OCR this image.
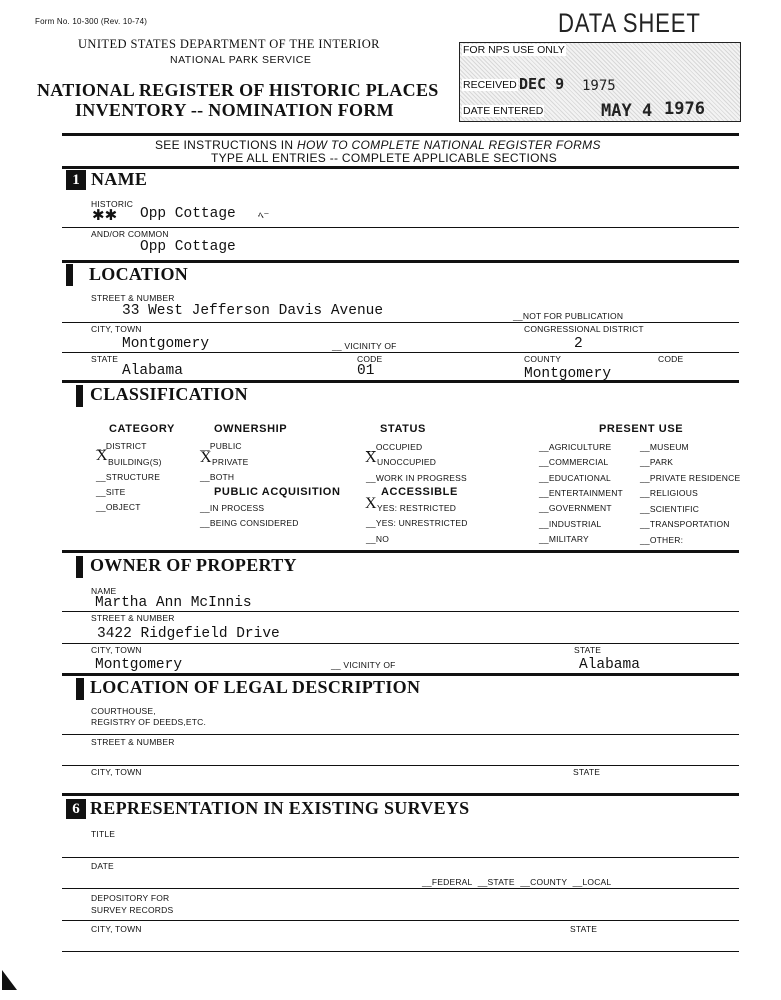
Form No. 10-300 (Rev. 10-74)	DATA SHEET
UNITED STATES DEPARTMENT OF THE INTERIOR
NATIONAL PARK SERVICE
NATIONAL REGISTER OF HISTORIC PLACES
INVENTORY -- NOMINATION FORM
FOR NPS USE ONLY
RECEIVED DEC 9 1975
DATE ENTERED	MAY 4 1976
SEE INSTRUCTIONS IN HOW TO COMPLETE NATIONAL REGISTER FORMS
TYPE ALL ENTRIES -- COMPLETE APPLICABLE SECTIONS
1 NAME
HISTORIC
✱✱ Opp Cottage ﾍ⁻
AND/OR COMMON
Opp Cottage
LOCATION
STREET & NUMBER
33 West Jefferson Davis Avenue	__NOT FOR PUBLICATION
CITY, TOWN
Montgomery	__ VICINITY OF
CONGRESSIONAL DISTRICT
2
STATE
Alabama
CODE
01
COUNTY
Montgomery
CODE
CLASSIFICATION
CATEGORY	OWNERSHIP	STATUS	PRESENT USE
__DISTRICT
X BUILDING(S)
__STRUCTURE
__SITE
__OBJECT
__PUBLIC
X PRIVATE
__BOTH
PUBLIC ACQUISITION
__IN PROCESS
__BEING CONSIDERED
__OCCUPIED
X UNOCCUPIED
__WORK IN PROGRESS
ACCESSIBLE
X YES: RESTRICTED
__YES: UNRESTRICTED
__NO
__AGRICULTURE
__COMMERCIAL
__EDUCATIONAL
__ENTERTAINMENT
__GOVERNMENT
__INDUSTRIAL
__MILITARY
__MUSEUM
__PARK
__PRIVATE RESIDENCE
__RELIGIOUS
__SCIENTIFIC
__TRANSPORTATION
__OTHER:
OWNER OF PROPERTY
NAME
Martha Ann McInnis
STREET & NUMBER
3422 Ridgefield Drive
CITY, TOWN
Montgomery	__ VICINITY OF
STATE
Alabama
LOCATION OF LEGAL DESCRIPTION
COURTHOUSE,
REGISTRY OF DEEDS,ETC.
STREET & NUMBER
CITY, TOWN	STATE
6 REPRESENTATION IN EXISTING SURVEYS
TITLE
DATE
__FEDERAL __STATE __COUNTY __LOCAL
DEPOSITORY FOR
SURVEY RECORDS
CITY, TOWN	STATE
